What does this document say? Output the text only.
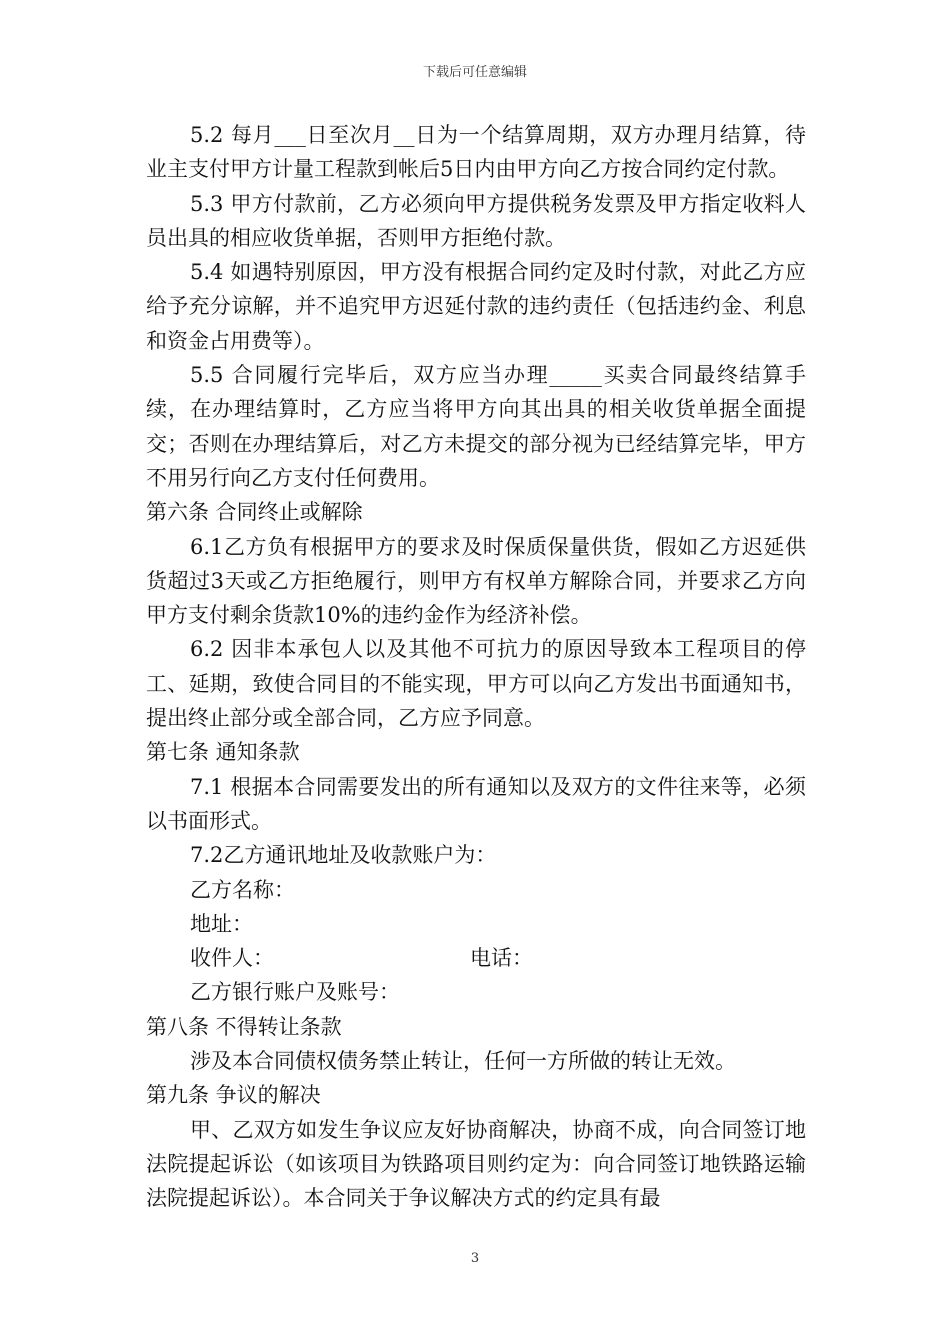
下载后可任意编辑

5.2 每月___日至次月__日为一个结算周期，双方办理月结算，待业主支付甲方计量工程款到帐后5日内由甲方向乙方按合同约定付款。

5.3 甲方付款前，乙方必须向甲方提供税务发票及甲方指定收料人员出具的相应收货单据，否则甲方拒绝付款。

5.4 如遇特别原因，甲方没有根据合同约定及时付款，对此乙方应给予充分谅解，并不追究甲方迟延付款的违约责任（包括违约金、利息和资金占用费等）。

5.5 合同履行完毕后，双方应当办理_____买卖合同最终结算手续，在办理结算时，乙方应当将甲方向其出具的相关收货单据全面提交；否则在办理结算后，对乙方未提交的部分视为已经结算完毕，甲方不用另行向乙方支付任何费用。

第六条 合同终止或解除

6.1乙方负有根据甲方的要求及时保质保量供货，假如乙方迟延供货超过3天或乙方拒绝履行，则甲方有权单方解除合同，并要求乙方向甲方支付剩余货款10%的违约金作为经济补偿。

6.2 因非本承包人以及其他不可抗力的原因导致本工程项目的停工、延期，致使合同目的不能实现，甲方可以向乙方发出书面通知书，提出终止部分或全部合同，乙方应予同意。

第七条 通知条款

7.1 根据本合同需要发出的所有通知以及双方的文件往来等，必须以书面形式。

7.2乙方通讯地址及收款账户为：

乙方名称：

地址：

收件人：	电话：

乙方银行账户及账号：

第八条 不得转让条款

涉及本合同债权债务禁止转让，任何一方所做的转让无效。

第九条 争议的解决

甲、乙双方如发生争议应友好协商解决，协商不成，向合同签订地法院提起诉讼（如该项目为铁路项目则约定为：向合同签订地铁路运输法院提起诉讼）。本合同关于争议解决方式的约定具有最

3
